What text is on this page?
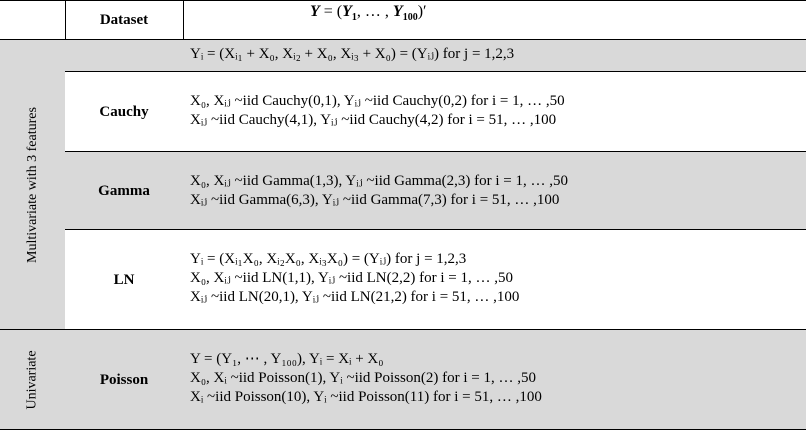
Dataset	$Y = (Y_1$, … , $Y_{100})'$
Multivariate with 3 features
Univariate
Yᵢ = (Xᵢ₁ + X₀, Xᵢ₂ + X₀, Xᵢ₃ + X₀) = (Yᵢⱼ) for j = 1,2,3
Cauchy
X₀, Xᵢⱼ ~iid Cauchy(0,1), Yᵢⱼ ~iid Cauchy(0,2) for i = 1, … ,50
Xᵢⱼ ~iid Cauchy(4,1), Yᵢⱼ ~iid Cauchy(4,2) for i = 51, … ,100
Gamma
X₀, Xᵢⱼ ~iid Gamma(1,3), Yᵢⱼ ~iid Gamma(2,3) for i = 1, … ,50
Xᵢⱼ ~iid Gamma(6,3), Yᵢⱼ ~iid Gamma(7,3) for i = 51, … ,100
LN
Yᵢ = (Xᵢ₁X₀, Xᵢ₂X₀, Xᵢ₃X₀) = (Yᵢⱼ) for j = 1,2,3
X₀, Xᵢⱼ ~iid LN(1,1), Yᵢⱼ ~iid LN(2,2) for i = 1, … ,50
Xᵢⱼ ~iid LN(20,1), Yᵢⱼ ~iid LN(21,2) for i = 51, … ,100
Poisson
Y = (Y₁, ⋯ , Y₁₀₀), Yᵢ = Xᵢ + X₀
X₀, Xᵢ ~iid Poisson(1), Yᵢ ~iid Poisson(2) for i = 1, … ,50
Xᵢ ~iid Poisson(10), Yᵢ ~iid Poisson(11) for i = 51, … ,100
